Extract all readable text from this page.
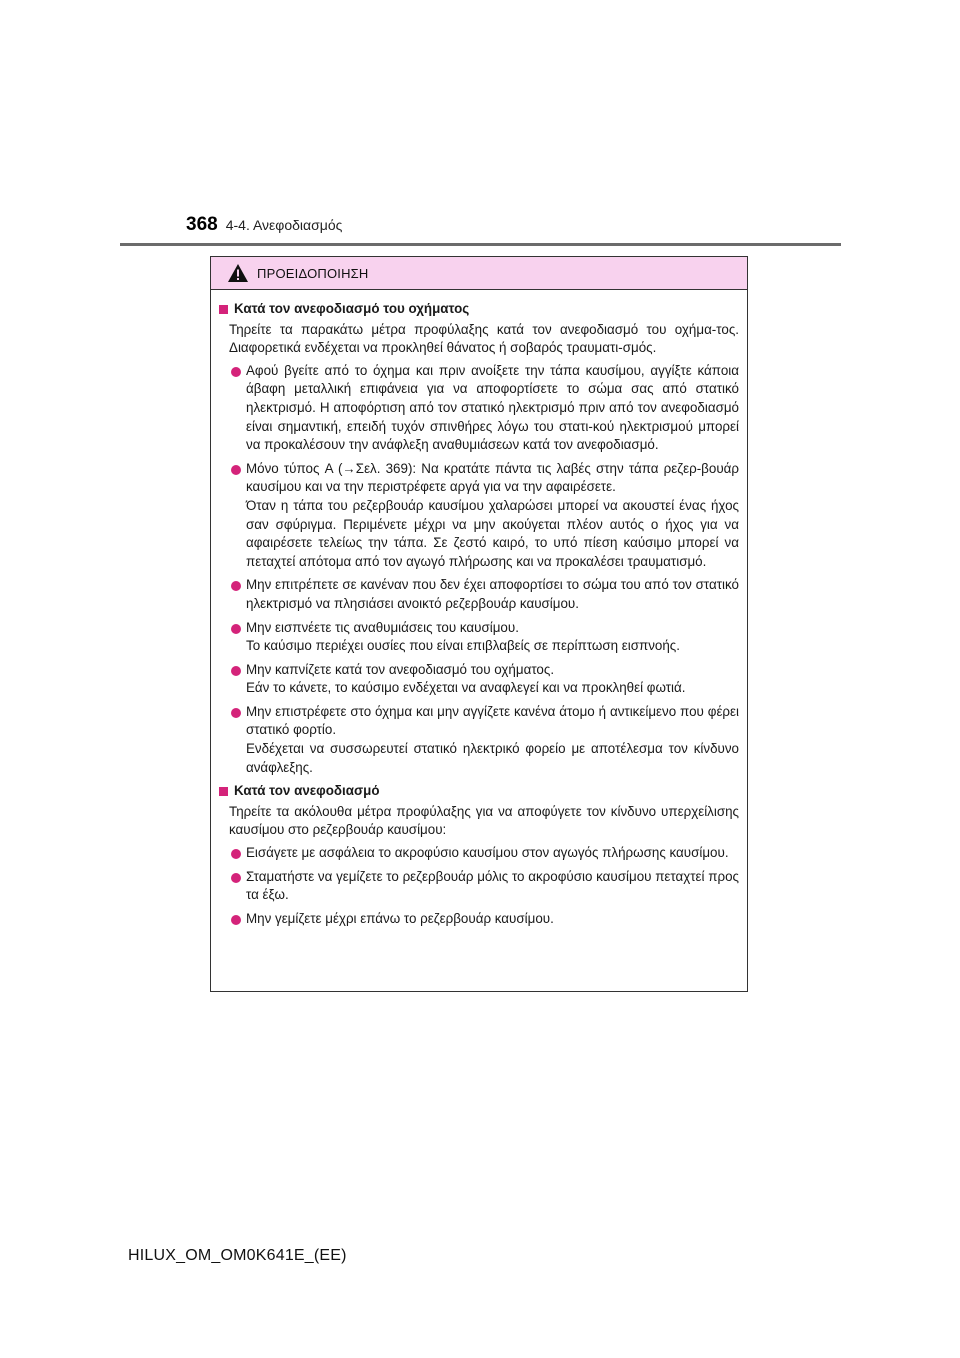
368 4-4. Ανεφοδιασμός
ΠΡΟΕΙΔΟΠΟΙΗΣΗ
Κατά τον ανεφοδιασμό του οχήματος
Τηρείτε τα παρακάτω μέτρα προφύλαξης κατά τον ανεφοδιασμό του οχήμα-τος. Διαφορετικά ενδέχεται να προκληθεί θάνατος ή σοβαρός τραυματι-σμός.
Αφού βγείτε από το όχημα και πριν ανοίξετε την τάπα καυσίμου, αγγίξτε κάποια άβαφη μεταλλική επιφάνεια για να αποφορτίσετε το σώμα σας από στατικό ηλεκτρισμό. Η αποφόρτιση από τον στατικό ηλεκτρισμό πριν από τον ανεφοδιασμό είναι σημαντική, επειδή τυχόν σπινθήρες λόγω του στατι-κού ηλεκτρισμού μπορεί να προκαλέσουν την ανάφλεξη αναθυμιάσεων κατά τον ανεφοδιασμό.
Μόνο τύπος A (→Σελ. 369): Να κρατάτε πάντα τις λαβές στην τάπα ρεζερ-βουάρ καυσίμου και να την περιστρέφετε αργά για να την αφαιρέσετε.
Όταν η τάπα του ρεζερβουάρ καυσίμου χαλαρώσει μπορεί να ακουστεί ένας ήχος σαν σφύριγμα. Περιμένετε μέχρι να μην ακούγεται πλέον αυτός ο ήχος για να αφαιρέσετε τελείως την τάπα. Σε ζεστό καιρό, το υπό πίεση καύσιμο μπορεί να πεταχτεί απότομα από τον αγωγό πλήρωσης και να προκαλέσει τραυματισμό.
Μην επιτρέπετε σε κανέναν που δεν έχει αποφορτίσει το σώμα του από τον στατικό ηλεκτρισμό να πλησιάσει ανοικτό ρεζερβουάρ καυσίμου.
Μην εισπνέετε τις αναθυμιάσεις του καυσίμου.
Το καύσιμο περιέχει ουσίες που είναι επιβλαβείς σε περίπτωση εισπνοής.
Μην καπνίζετε κατά τον ανεφοδιασμό του οχήματος.
Εάν το κάνετε, το καύσιμο ενδέχεται να αναφλεγεί και να προκληθεί φωτιά.
Μην επιστρέφετε στο όχημα και μην αγγίζετε κανένα άτομο ή αντικείμενο που φέρει στατικό φορτίο.
Ενδέχεται να συσσωρευτεί στατικό ηλεκτρικό φορείο με αποτέλεσμα τον κίνδυνο ανάφλεξης.
Κατά τον ανεφοδιασμό
Τηρείτε τα ακόλουθα μέτρα προφύλαξης για να αποφύγετε τον κίνδυνο υπερχείλισης καυσίμου στο ρεζερβουάρ καυσίμου:
Εισάγετε με ασφάλεια το ακροφύσιο καυσίμου στον αγωγός πλήρωσης καυσίμου.
Σταματήστε να γεμίζετε το ρεζερβουάρ μόλις το ακροφύσιο καυσίμου πεταχτεί προς τα έξω.
Μην γεμίζετε μέχρι επάνω το ρεζερβουάρ καυσίμου.
HILUX_OM_OM0K641E_(EE)
